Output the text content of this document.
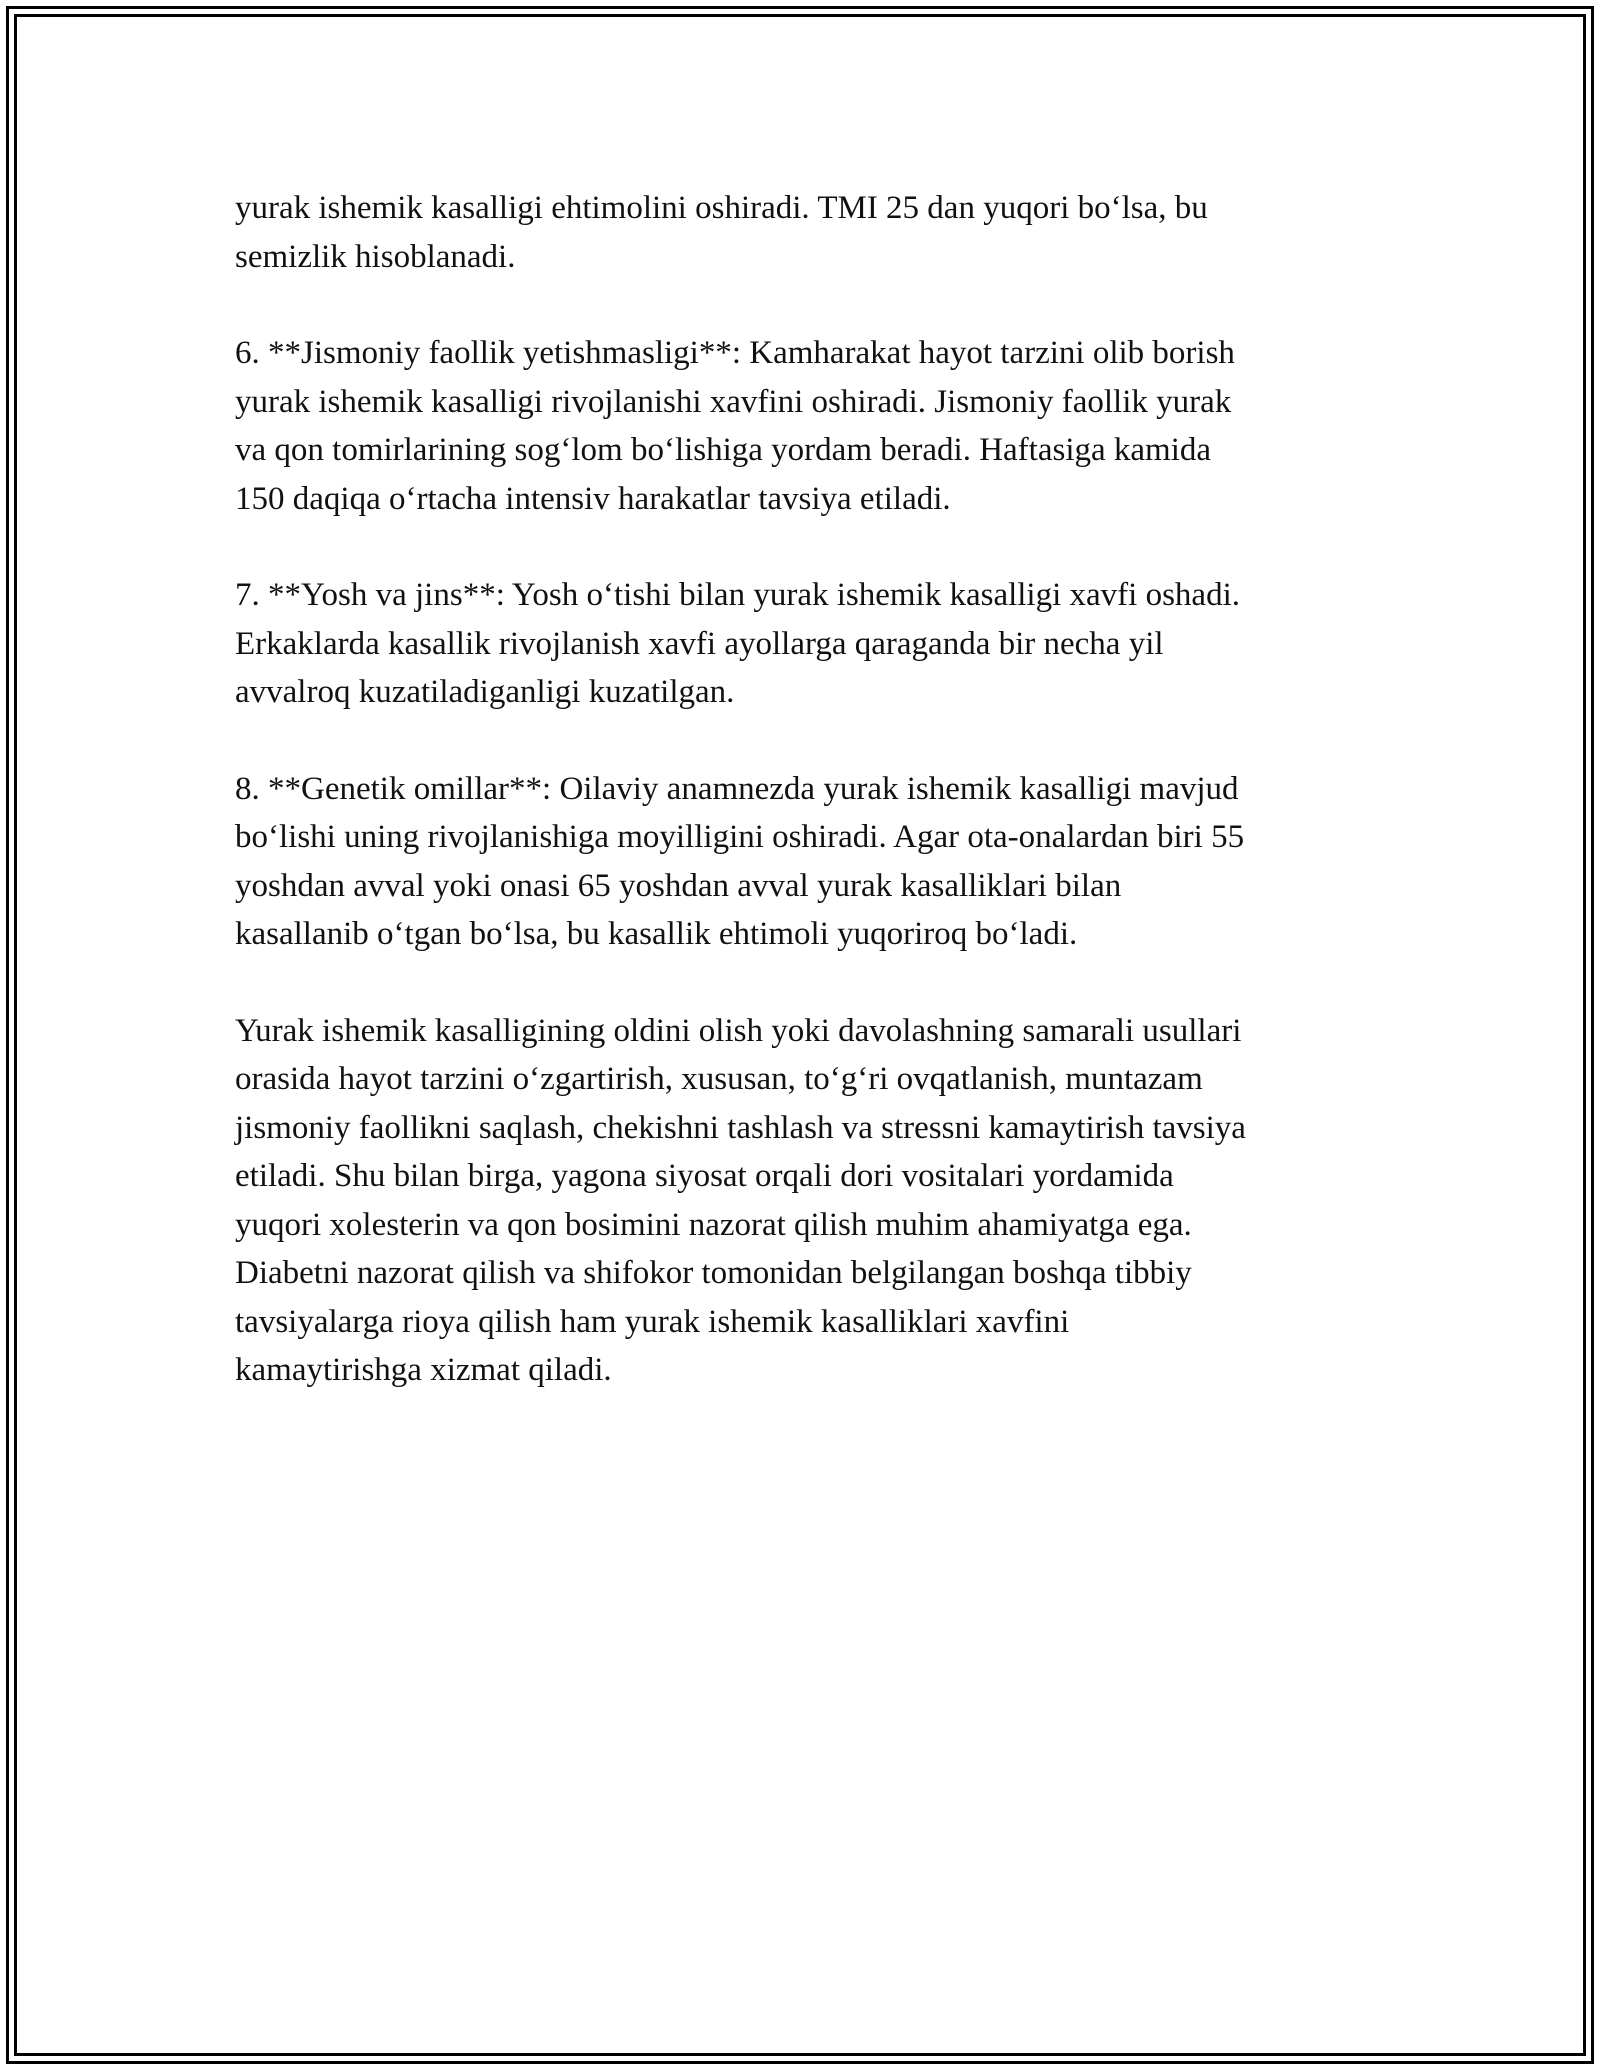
yurak ishemik kasalligi ehtimolini oshiradi. TMI 25 dan yuqori bo‘lsa, bu
semizlik hisoblanadi.

6. **Jismoniy faollik yetishmasligi**: Kamharakat hayot tarzini olib borish
yurak ishemik kasalligi rivojlanishi xavfini oshiradi. Jismoniy faollik yurak
va qon tomirlarining sog‘lom bo‘lishiga yordam beradi. Haftasiga kamida
150 daqiqa o‘rtacha intensiv harakatlar tavsiya etiladi.

7. **Yosh va jins**: Yosh o‘tishi bilan yurak ishemik kasalligi xavfi oshadi.
Erkaklarda kasallik rivojlanish xavfi ayollarga qaraganda bir necha yil
avvalroq kuzatiladiganligi kuzatilgan.

8. **Genetik omillar**: Oilaviy anamnezda yurak ishemik kasalligi mavjud
bo‘lishi uning rivojlanishiga moyilligini oshiradi. Agar ota-onalardan biri 55
yoshdan avval yoki onasi 65 yoshdan avval yurak kasalliklari bilan
kasallanib o‘tgan bo‘lsa, bu kasallik ehtimoli yuqoriroq bo‘ladi.

Yurak ishemik kasalligining oldini olish yoki davolashning samarali usullari
orasida hayot tarzini o‘zgartirish, xususan, to‘g‘ri ovqatlanish, muntazam
jismoniy faollikni saqlash, chekishni tashlash va stressni kamaytirish tavsiya
etiladi. Shu bilan birga, yagona siyosat orqali dori vositalari yordamida
yuqori xolesterin va qon bosimini nazorat qilish muhim ahamiyatga ega.
Diabetni nazorat qilish va shifokor tomonidan belgilangan boshqa tibbiy
tavsiyalarga rioya qilish ham yurak ishemik kasalliklari xavfini
kamaytirishga xizmat qiladi.
